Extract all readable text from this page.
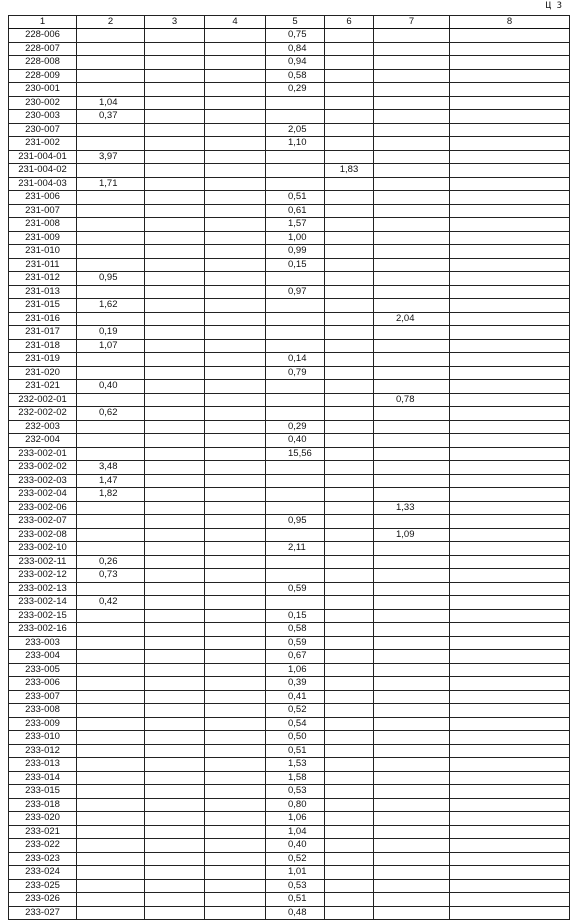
Ц 3
1	2	3	4	5	6	7	8
228-006				0,75			
228-007				0,84			
228-008				0,94			
228-009				0,58			
230-001				0,29			
230-002	1,04						
230-003	0,37						
230-007				2,05			
231-002				1,10			
231-004-01	3,97						
231-004-02					1,83		
231-004-03	1,71						
231-006				0,51			
231-007				0,61			
231-008				1,57			
231-009				1,00			
231-010				0,99			
231-011				0,15			
231-012	0,95						
231-013				0,97			
231-015	1,62						
231-016						2,04	
231-017	0,19						
231-018	1,07						
231-019				0,14			
231-020				0,79			
231-021	0,40						
232-002-01						0,78	
232-002-02	0,62						
232-003				0,29			
232-004				0,40			
233-002-01				15,56			
233-002-02	3,48						
233-002-03	1,47						
233-002-04	1,82						
233-002-06						1,33	
233-002-07				0,95			
233-002-08						1,09	
233-002-10				2,11			
233-002-11	0,26						
233-002-12	0,73						
233-002-13				0,59			
233-002-14	0,42						
233-002-15				0,15			
233-002-16				0,58			
233-003				0,59			
233-004				0,67			
233-005				1,06			
233-006				0,39			
233-007				0,41			
233-008				0,52			
233-009				0,54			
233-010				0,50			
233-012				0,51			
233-013				1,53			
233-014				1,58			
233-015				0,53			
233-018				0,80			
233-020				1,06			
233-021				1,04			
233-022				0,40			
233-023				0,52			
233-024				1,01			
233-025				0,53			
233-026				0,51			
233-027				0,48			
